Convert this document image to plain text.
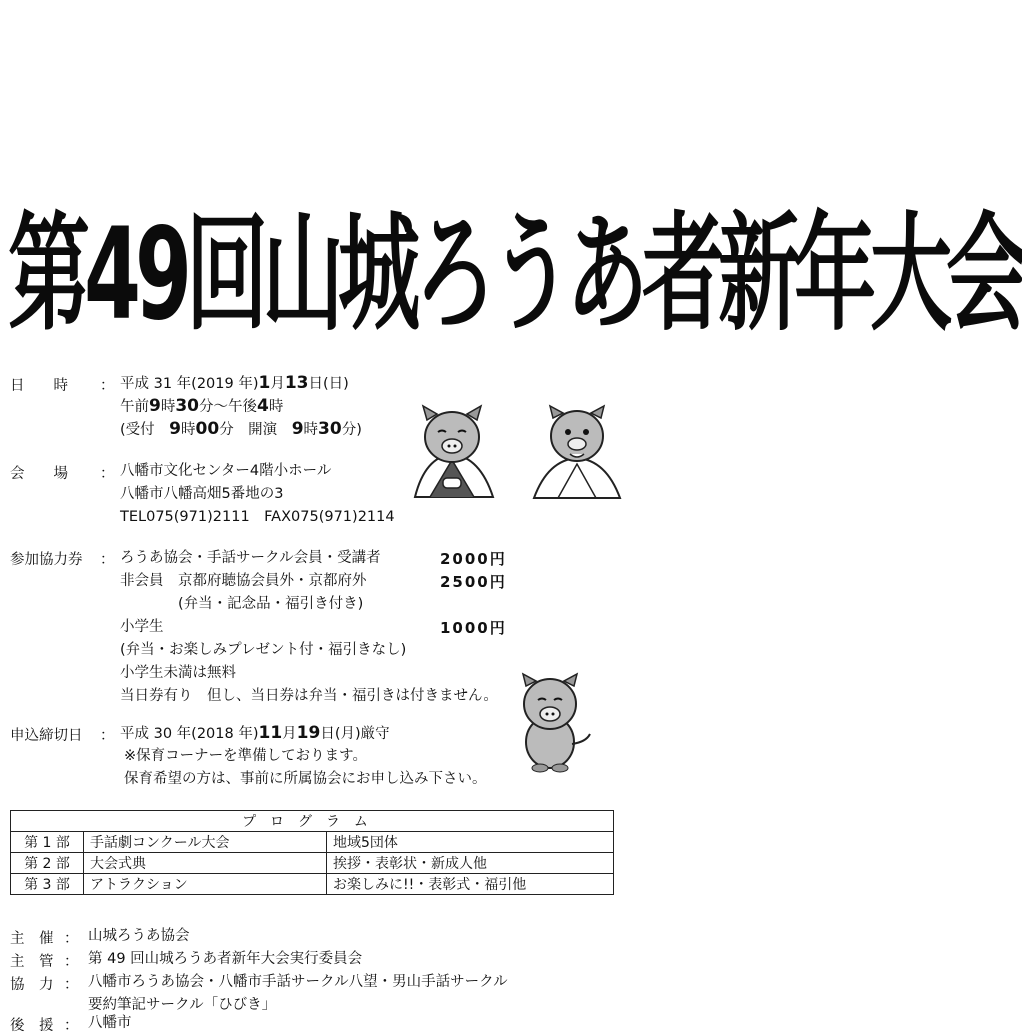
第49回山城ろうあ者新年大会
日　　時 ： 平成 31 年(2019 年)1月13日(日)
午前9時30分〜午後4時
(受付　 9時00分　開演　 9時30分)
会　　場 ： 八幡市文化センター4階小ホール
八幡市八幡高畑5番地の3
TEL075(971)2111　FAX075(971)2114
参加協力券 ： ろうあ協会・手話サークル会員・受講者	2000円
非会員　京都府聴協会員外・京都府外	2500円
(弁当・記念品・福引き付き)
小学生	1000円
(弁当・お楽しみプレゼント付・福引きなし)
小学生未満は無料
当日券有り　但し、当日券は弁当・福引きは付きません。
申込締切日 ： 平成 30 年(2018 年)11月19日(月)厳守
※保育コーナーを準備しております。
保育希望の方は、事前に所属協会にお申し込み下さい。
プログラム		
第 1 部	手話劇コンクール大会	地域5団体
第 2 部	大会式典	挨拶・表彰状・新成人他
第 3 部	アトラクション	お楽しみに!!・表彰式・福引他
主　催 ： 山城ろうあ協会
主　管 ： 第 49 回山城ろうあ者新年大会実行委員会
協　力 ： 八幡市ろうあ協会・八幡市手話サークル八望・男山手話サークル
要約筆記サークル「ひびき」
後　援 ： 八幡市
